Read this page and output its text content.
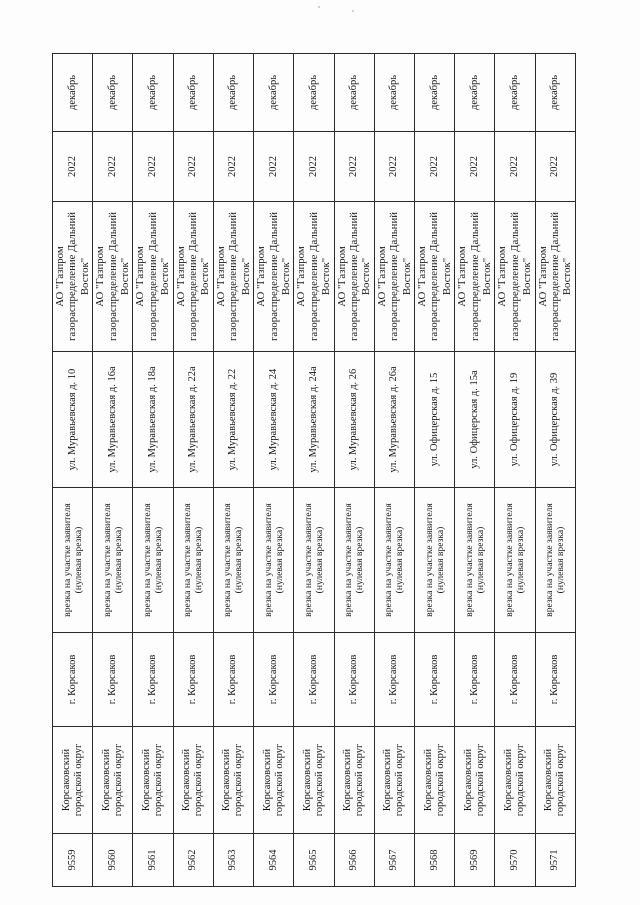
9559	Корсаковский городской округ	г. Корсаков	врезка на участке заявителя (нулевая врезка)	ул. Муравьевская д. 10	АО "Газпром газораспределение Дальний Восток"	2022	декабрь
9560	Корсаковский городской округ	г. Корсаков	врезка на участке заявителя (нулевая врезка)	ул. Муравьевская д. 16а	АО "Газпром газораспределение Дальний Восток"	2022	декабрь
9561	Корсаковский городской округ	г. Корсаков	врезка на участке заявителя (нулевая врезка)	ул. Муравьевская д. 18а	АО "Газпром газораспределение Дальний Восток"	2022	декабрь
9562	Корсаковский городской округ	г. Корсаков	врезка на участке заявителя (нулевая врезка)	ул. Муравьевская д. 22а	АО "Газпром газораспределение Дальний Восток"	2022	декабрь
9563	Корсаковский городской округ	г. Корсаков	врезка на участке заявителя (нулевая врезка)	ул. Муравьевская д. 22	АО "Газпром газораспределение Дальний Восток"	2022	декабрь
9564	Корсаковский городской округ	г. Корсаков	врезка на участке заявителя (нулевая врезка)	ул. Муравьевская д. 24	АО "Газпром газораспределение Дальний Восток"	2022	декабрь
9565	Корсаковский городской округ	г. Корсаков	врезка на участке заявителя (нулевая врезка)	ул. Муравьевская д. 24а	АО "Газпром газораспределение Дальний Восток"	2022	декабрь
9566	Корсаковский городской округ	г. Корсаков	врезка на участке заявителя (нулевая врезка)	ул. Муравьевская д. 26	АО "Газпром газораспределение Дальний Восток"	2022	декабрь
9567	Корсаковский городской округ	г. Корсаков	врезка на участке заявителя (нулевая врезка)	ул. Муравьевская д. 26а	АО "Газпром газораспределение Дальний Восток"	2022	декабрь
9568	Корсаковский городской округ	г. Корсаков	врезка на участке заявителя (нулевая врезка)	ул. Офицерская д. 15	АО "Газпром газораспределение Дальний Восток"	2022	декабрь
9569	Корсаковский городской округ	г. Корсаков	врезка на участке заявителя (нулевая врезка)	ул. Офицерская д. 15а	АО "Газпром газораспределение Дальний Восток"	2022	декабрь
9570	Корсаковский городской округ	г. Корсаков	врезка на участке заявителя (нулевая врезка)	ул. Офицерская д. 19	АО "Газпром газораспределение Дальний Восток"	2022	декабрь
9571	Корсаковский городской округ	г. Корсаков	врезка на участке заявителя (нулевая врезка)	ул. Офицерская д. 39	АО "Газпром газораспределение Дальний Восток"	2022	декабрь
